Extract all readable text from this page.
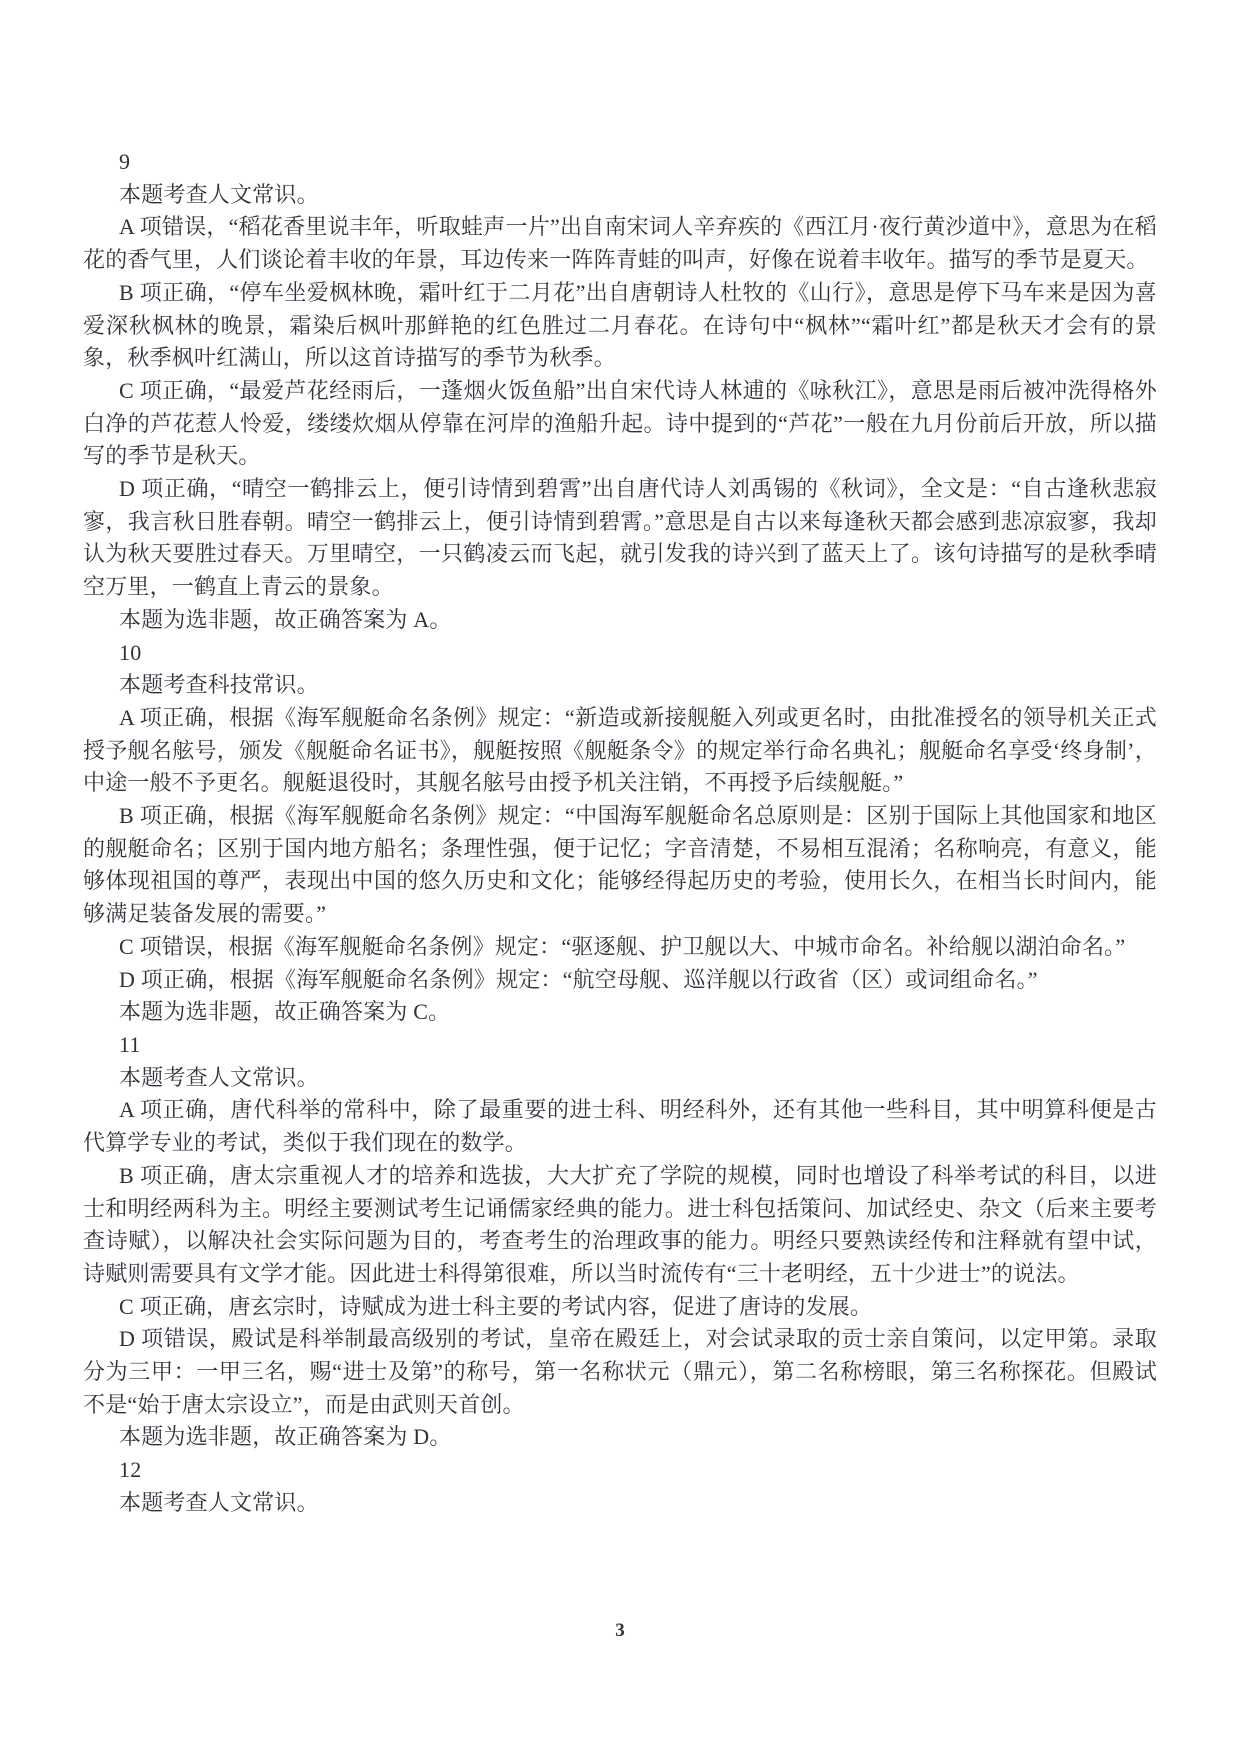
9

本题考查人文常识。

A 项错误，“稻花香里说丰年，听取蛙声一片”出自南宋词人辛弃疾的《西江月·夜行黄沙道中》，意思为在稻花的香气里，人们谈论着丰收的年景，耳边传来一阵阵青蛙的叫声，好像在说着丰收年。描写的季节是夏天。

B 项正确，“停车坐爱枫林晚，霜叶红于二月花”出自唐朝诗人杜牧的《山行》，意思是停下马车来是因为喜爱深秋枫林的晚景，霜染后枫叶那鲜艳的红色胜过二月春花。在诗句中“枫林”“霜叶红”都是秋天才会有的景象，秋季枫叶红满山，所以这首诗描写的季节为秋季。

C 项正确，“最爱芦花经雨后，一蓬烟火饭鱼船”出自宋代诗人林逋的《咏秋江》，意思是雨后被冲洗得格外白净的芦花惹人怜爱，缕缕炊烟从停靠在河岸的渔船升起。诗中提到的“芦花”一般在九月份前后开放，所以描写的季节是秋天。

D 项正确，“晴空一鹤排云上，便引诗情到碧霄”出自唐代诗人刘禹锡的《秋词》，全文是：“自古逢秋悲寂寥，我言秋日胜春朝。晴空一鹤排云上，便引诗情到碧霄。”意思是自古以来每逢秋天都会感到悲凉寂寥，我却认为秋天要胜过春天。万里晴空，一只鹤凌云而飞起，就引发我的诗兴到了蓝天上了。该句诗描写的是秋季晴空万里，一鹤直上青云的景象。

本题为选非题，故正确答案为 A。

10

本题考查科技常识。

A 项正确，根据《海军舰艇命名条例》规定：“新造或新接舰艇入列或更名时，由批准授名的领导机关正式授予舰名舷号，颁发《舰艇命名证书》，舰艇按照《舰艇条令》的规定举行命名典礼；舰艇命名享受‘终身制’，中途一般不予更名。舰艇退役时，其舰名舷号由授予机关注销，不再授予后续舰艇。”

B 项正确，根据《海军舰艇命名条例》规定：“中国海军舰艇命名总原则是：区别于国际上其他国家和地区的舰艇命名；区别于国内地方船名；条理性强，便于记忆；字音清楚，不易相互混淆；名称响亮，有意义，能够体现祖国的尊严，表现出中国的悠久历史和文化；能够经得起历史的考验，使用长久，在相当长时间内，能够满足装备发展的需要。”

C 项错误，根据《海军舰艇命名条例》规定：“驱逐舰、护卫舰以大、中城市命名。补给舰以湖泊命名。”

D 项正确，根据《海军舰艇命名条例》规定：“航空母舰、巡洋舰以行政省（区）或词组命名。”

本题为选非题，故正确答案为 C。

11

本题考查人文常识。

A 项正确，唐代科举的常科中，除了最重要的进士科、明经科外，还有其他一些科目，其中明算科便是古代算学专业的考试，类似于我们现在的数学。

B 项正确，唐太宗重视人才的培养和选拔，大大扩充了学院的规模，同时也增设了科举考试的科目，以进士和明经两科为主。明经主要测试考生记诵儒家经典的能力。进士科包括策问、加试经史、杂文（后来主要考查诗赋），以解决社会实际问题为目的，考查考生的治理政事的能力。明经只要熟读经传和注释就有望中试，诗赋则需要具有文学才能。因此进士科得第很难，所以当时流传有“三十老明经，五十少进士”的说法。

C 项正确，唐玄宗时，诗赋成为进士科主要的考试内容，促进了唐诗的发展。

D 项错误，殿试是科举制最高级别的考试，皇帝在殿廷上，对会试录取的贡士亲自策问，以定甲第。录取分为三甲：一甲三名，赐“进士及第”的称号，第一名称状元（鼎元），第二名称榜眼，第三名称探花。但殿试不是“始于唐太宗设立”，而是由武则天首创。

本题为选非题，故正确答案为 D。

12

本题考查人文常识。

3
